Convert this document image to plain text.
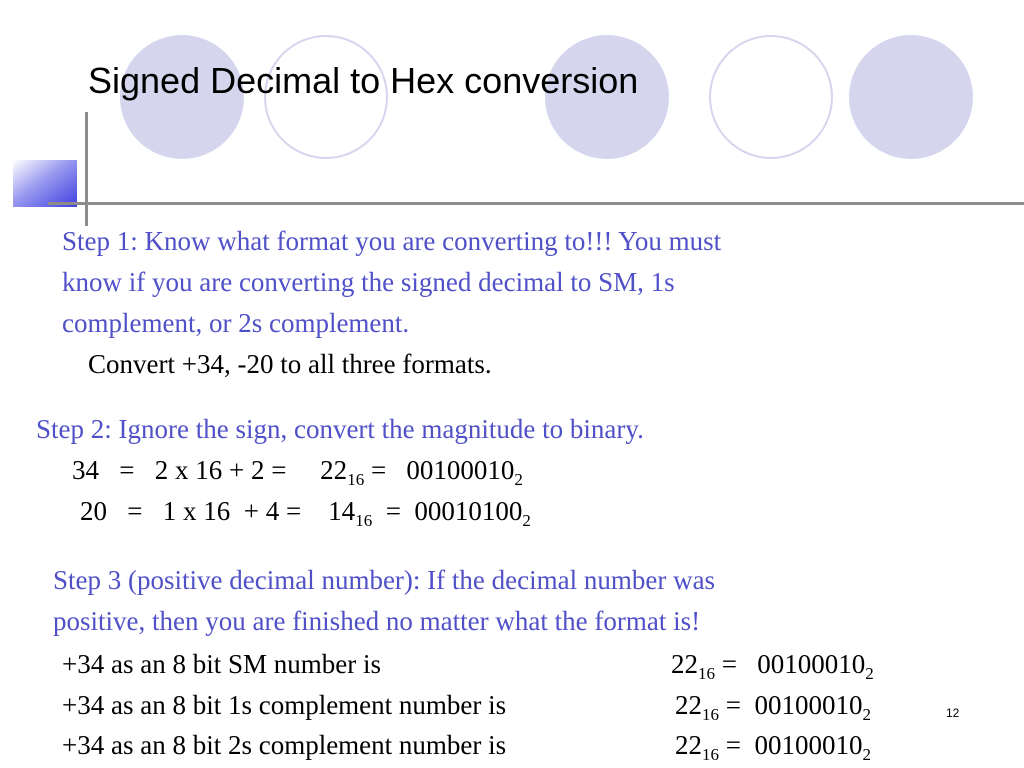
Signed Decimal to Hex conversion
Step 1: Know what format you are converting to!!! You must
know if you are converting the signed decimal to SM, 1s
complement, or 2s complement.
Convert +34, -20 to all three formats.
Step 2: Ignore the sign, convert the magnitude to binary.
34   =   2 x 16 + 2 =     $22_{16} = 00100010_2$
20   =   1 x 16  + 4 =    $14_{16} = 00010100_2$
Step 3 (positive decimal number): If the decimal number was
positive, then you are finished no matter what the format is!
+34 as an 8 bit SM number is	$22_{16} = 00100010_2$
+34 as an 8 bit 1s complement number is	$22_{16} = 00100010_2$
+34 as an 8 bit 2s complement number is	$22_{16} = 00100010_2$
12
